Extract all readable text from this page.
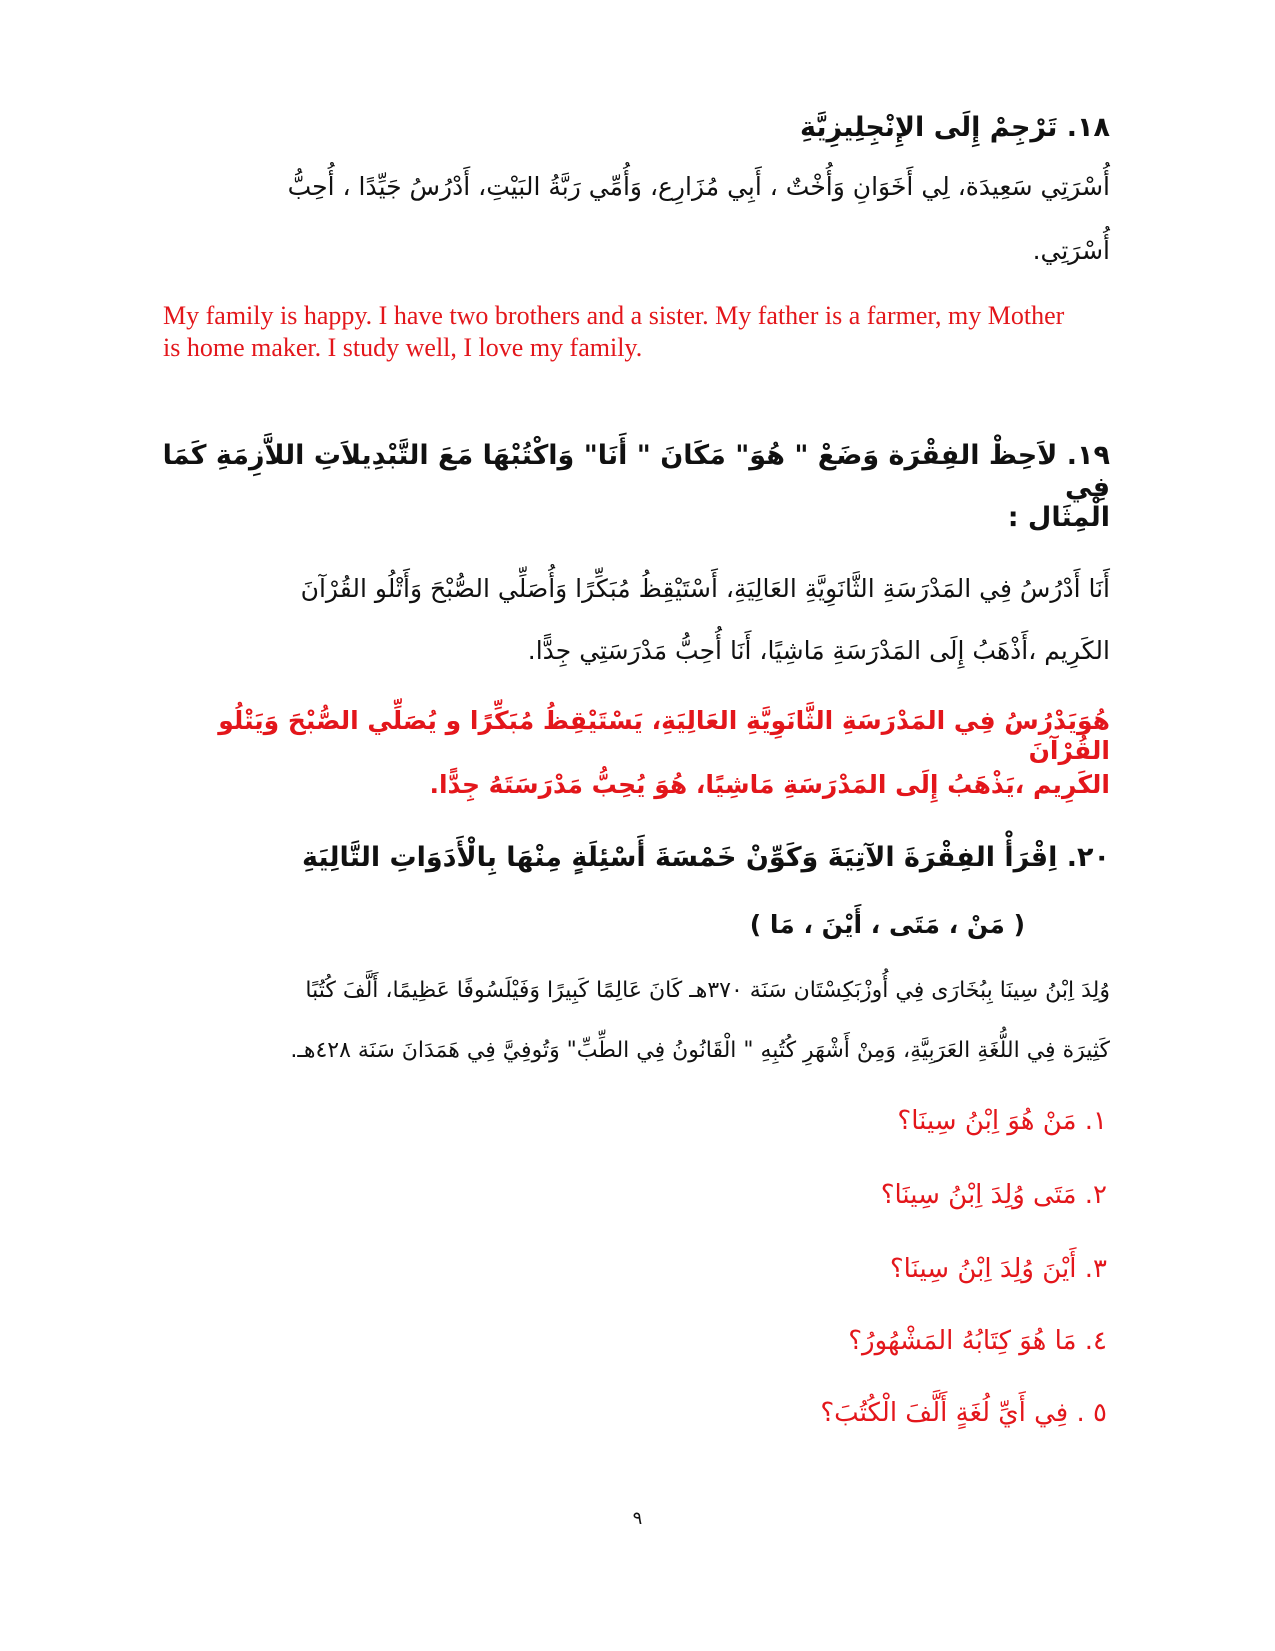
١٨. تَرْجِمْ إِلَى الإِنْجِلِيزِيَّةِ
أُسْرَتِي سَعِيدَة، لِي أَخَوَانِ وَأُخْتٌ ، أَبِي مُزَارِع، وَأُمِّي رَبَّةُ البَيْتِ، أَدْرُسُ جَيِّدًا ، أُحِبُّ
أُسْرَتِي.
My family is happy. I have two brothers and a sister. My father is a farmer, my Mother
is home maker. I study well, I love my family.
١٩. لاَحِظْ الفِقْرَة وَضَعْ " هُوَ" مَكَانَ " أَنَا" وَاكْتُبْهَا مَعَ التَّبْدِيلاَتِ اللاَّزِمَةِ كَمَا فِي
الْمِثَال :
أَنَا أَدْرُسُ فِي المَدْرَسَةِ الثَّانَوِيَّةِ العَالِيَةِ، أَسْتَيْقِظُ مُبَكِّرًا وَأُصَلِّي الصُّبْحَ وَأَتْلُو القُرْآنَ
الكَرِيم ،أَذْهَبُ إِلَى المَدْرَسَةِ مَاشِيًا، أَنَا أُحِبُّ مَدْرَسَتِي جِدًّا.
هُوَيَدْرُسُ فِي المَدْرَسَةِ الثَّانَوِيَّةِ العَالِيَةِ، يَسْتَيْقِظُ مُبَكِّرًا و يُصَلِّي الصُّبْحَ وَيَتْلُو القُرْآنَ
الكَرِيم ،يَذْهَبُ إِلَى المَدْرَسَةِ مَاشِيًا، هُوَ يُحِبُّ مَدْرَسَتَهُ جِدًّا.
٢٠. اِقْرَأْ الفِقْرَةَ الآتِيَةَ وَكَوِّنْ خَمْسَةَ أَسْئِلَةٍ مِنْهَا بِالْأَدَوَاتِ التَّالِيَةِ
( مَنْ ، مَتَى ، أَيْنَ ، مَا )
وُلِدَ اِبْنُ سِينَا بِبُخَارَى فِي أُوزْبَكِسْتَان سَنَة ٣٧٠هـ كَانَ عَالِمًا كَبِيرًا وَفَيْلَسُوفًا عَظِيمًا، أَلَّفَ كُتُبًا
كَثِيرَة فِي اللُّغَةِ العَرَبِيَّةِ، وَمِنْ أَشْهَرِ كُتُبِهِ " الْقَانُونُ فِي الطِّبِّ" وَتُوفِيَّ فِي هَمَدَانَ سَنَة ٤٢٨هـ.
١. مَنْ هُوَ اِبْنُ سِينَا؟
٢. مَتَى وُلِدَ اِبْنُ سِينَا؟
٣. أَيْنَ وُلِدَ اِبْنُ سِينَا؟
٤. مَا هُوَ كِتَابُهُ المَشْهُورُ؟
٥ . فِي أَيِّ لُغَةٍ أَلَّفَ الْكُتُبَ؟
٩
